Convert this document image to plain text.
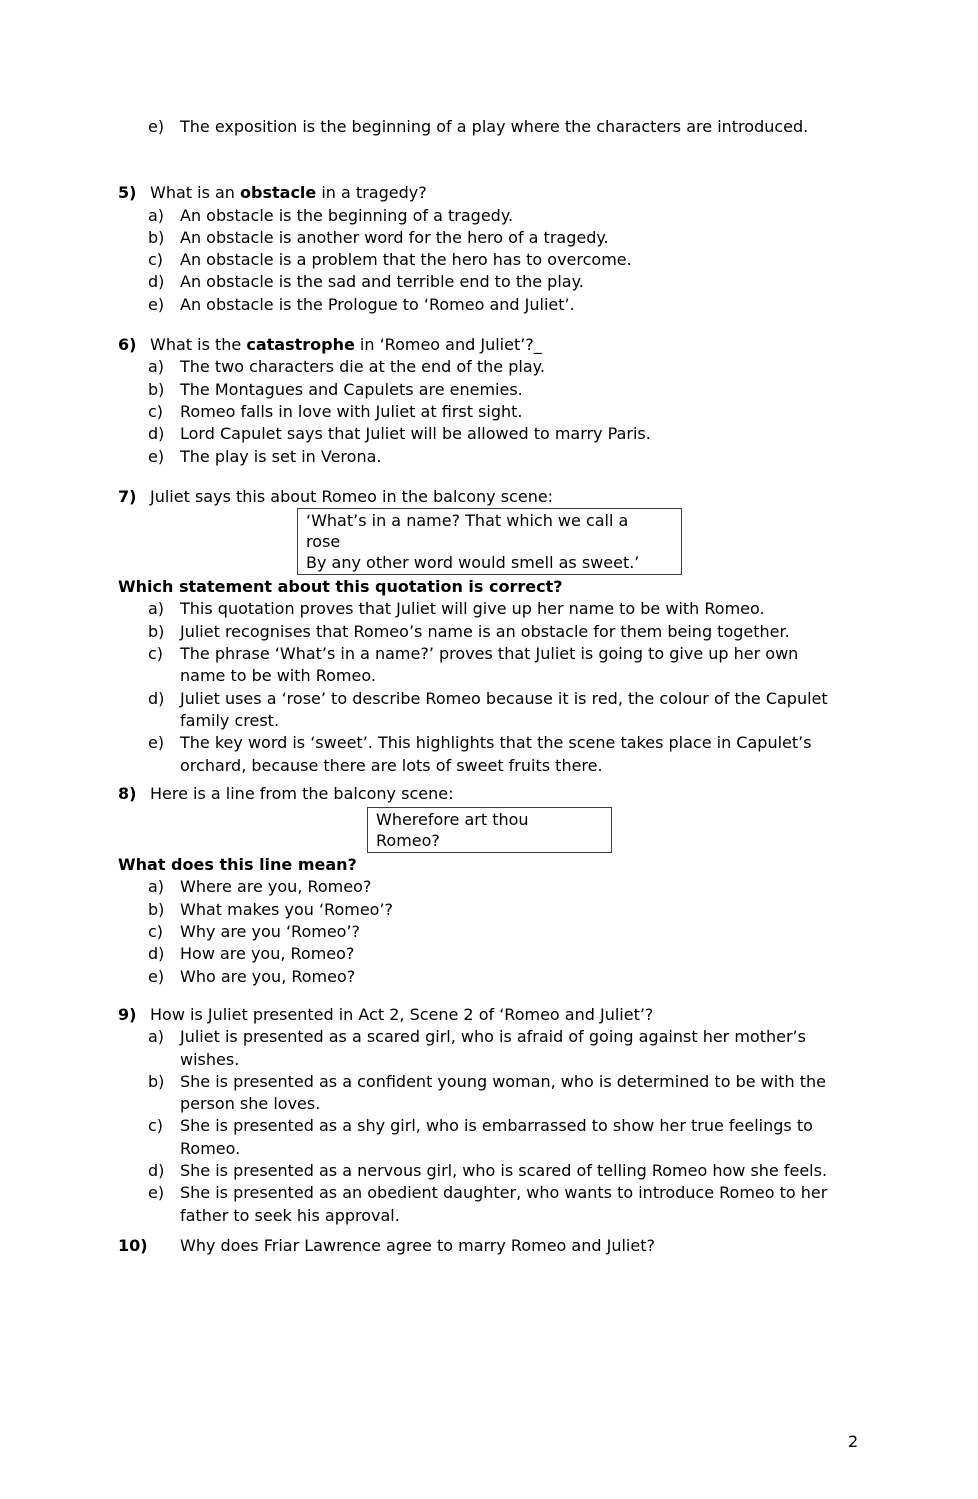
e) The exposition is the beginning of a play where the characters are introduced.
5) What is an obstacle in a tragedy?
a) An obstacle is the beginning of a tragedy.
b) An obstacle is another word for the hero of a tragedy.
c)	An obstacle is a problem that the hero has to overcome.
d) An obstacle is the sad and terrible end to the play.
e) An obstacle is the Prologue to ‘Romeo and Juliet’.
6) What is the catastrophe in ‘Romeo and Juliet’?_
a) The two characters die at the end of the play.
b) The Montagues and Capulets are enemies.
c)	Romeo falls in love with Juliet at first sight.
d) Lord Capulet says that Juliet will be allowed to marry Paris.
e) The play is set in Verona.
7) Juliet says this about Romeo in the balcony scene:
‘What’s in a name? That which we call a
rose
By any other word would smell as sweet.’
Which statement about this quotation is correct?
a) This quotation proves that Juliet will give up her name to be with Romeo.
b) Juliet recognises that Romeo’s name is an obstacle for them being together.
c)	The phrase ‘What’s in a name?’ proves that Juliet is going to give up her own name to be with Romeo.
d) Juliet uses a ‘rose’ to describe Romeo because it is red, the colour of the Capulet family crest.
e) The key word is ‘sweet’. This highlights that the scene takes place in Capulet’s orchard, because there are lots of sweet fruits there.
8) Here is a line from the balcony scene:
Wherefore art thou
Romeo?
What does this line mean?
a) Where are you, Romeo?
b) What makes you ‘Romeo’?
c)	Why are you ‘Romeo’?
d) How are you, Romeo?
e) Who are you, Romeo?
9) How is Juliet presented in Act 2, Scene 2 of ‘Romeo and Juliet’?
a) Juliet is presented as a scared girl, who is afraid of going against her mother’s wishes.
b) She is presented as a confident young woman, who is determined to be with the person she loves.
c)	She is presented as a shy girl, who is embarrassed to show her true feelings to Romeo.
d) She is presented as a nervous girl, who is scared of telling Romeo how she feels.
e) She is presented as an obedient daughter, who wants to introduce Romeo to her father to seek his approval.
10)	Why does Friar Lawrence agree to marry Romeo and Juliet?
2
